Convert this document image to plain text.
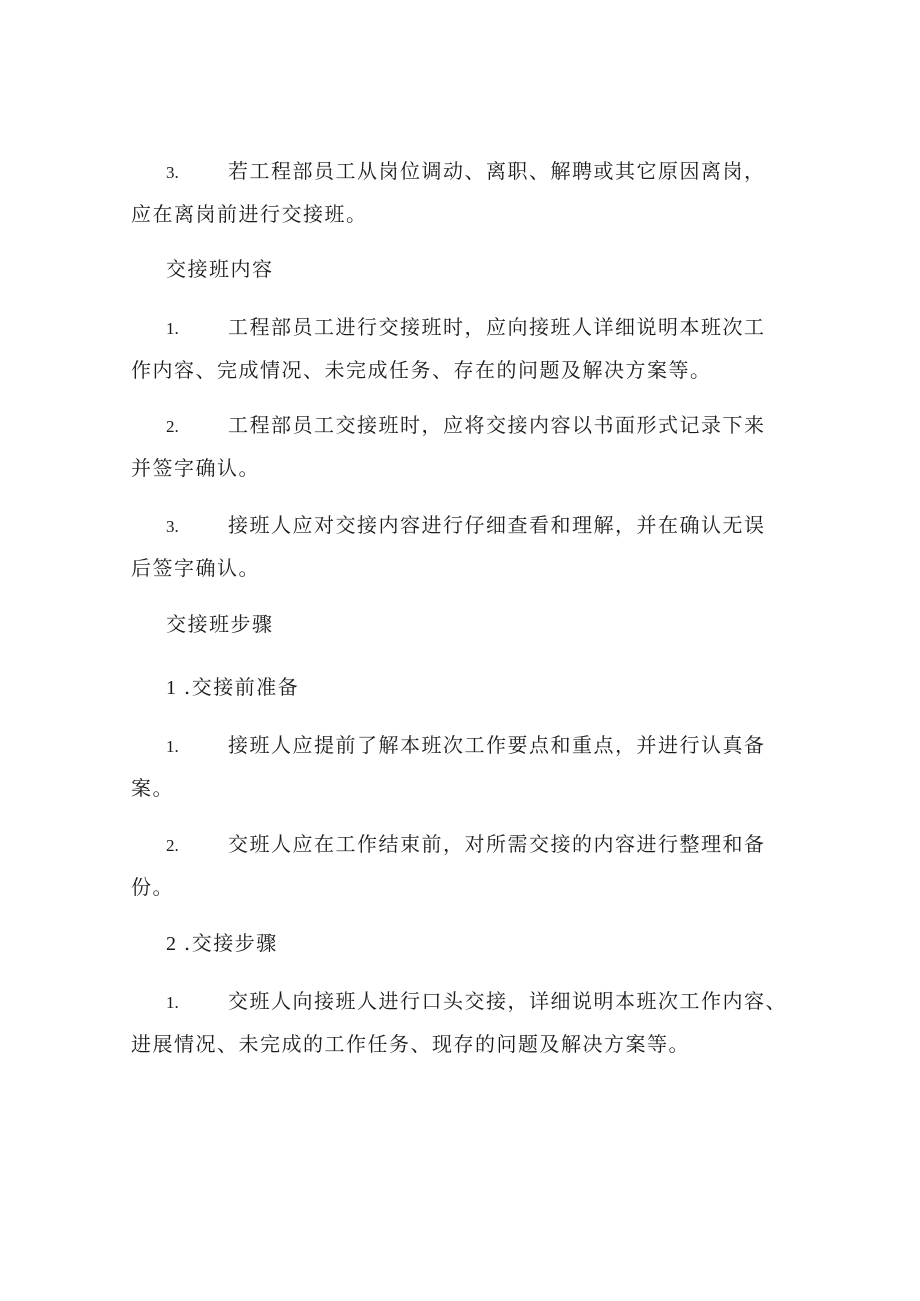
3. 若工程部员工从岗位调动、离职、解聘或其它原因离岗，
应在离岗前进行交接班。
交接班内容
1. 工程部员工进行交接班时，应向接班人详细说明本班次工
作内容、完成情况、未完成任务、存在的问题及解决方案等。
2. 工程部员工交接班时，应将交接内容以书面形式记录下来
并签字确认。
3. 接班人应对交接内容进行仔细查看和理解，并在确认无误
后签字确认。
交接班步骤
1 .交接前准备
1. 接班人应提前了解本班次工作要点和重点，并进行认真备
案。
2. 交班人应在工作结束前，对所需交接的内容进行整理和备
份。
2 .交接步骤
1. 交班人向接班人进行口头交接，详细说明本班次工作内容、
进展情况、未完成的工作任务、现存的问题及解决方案等。
